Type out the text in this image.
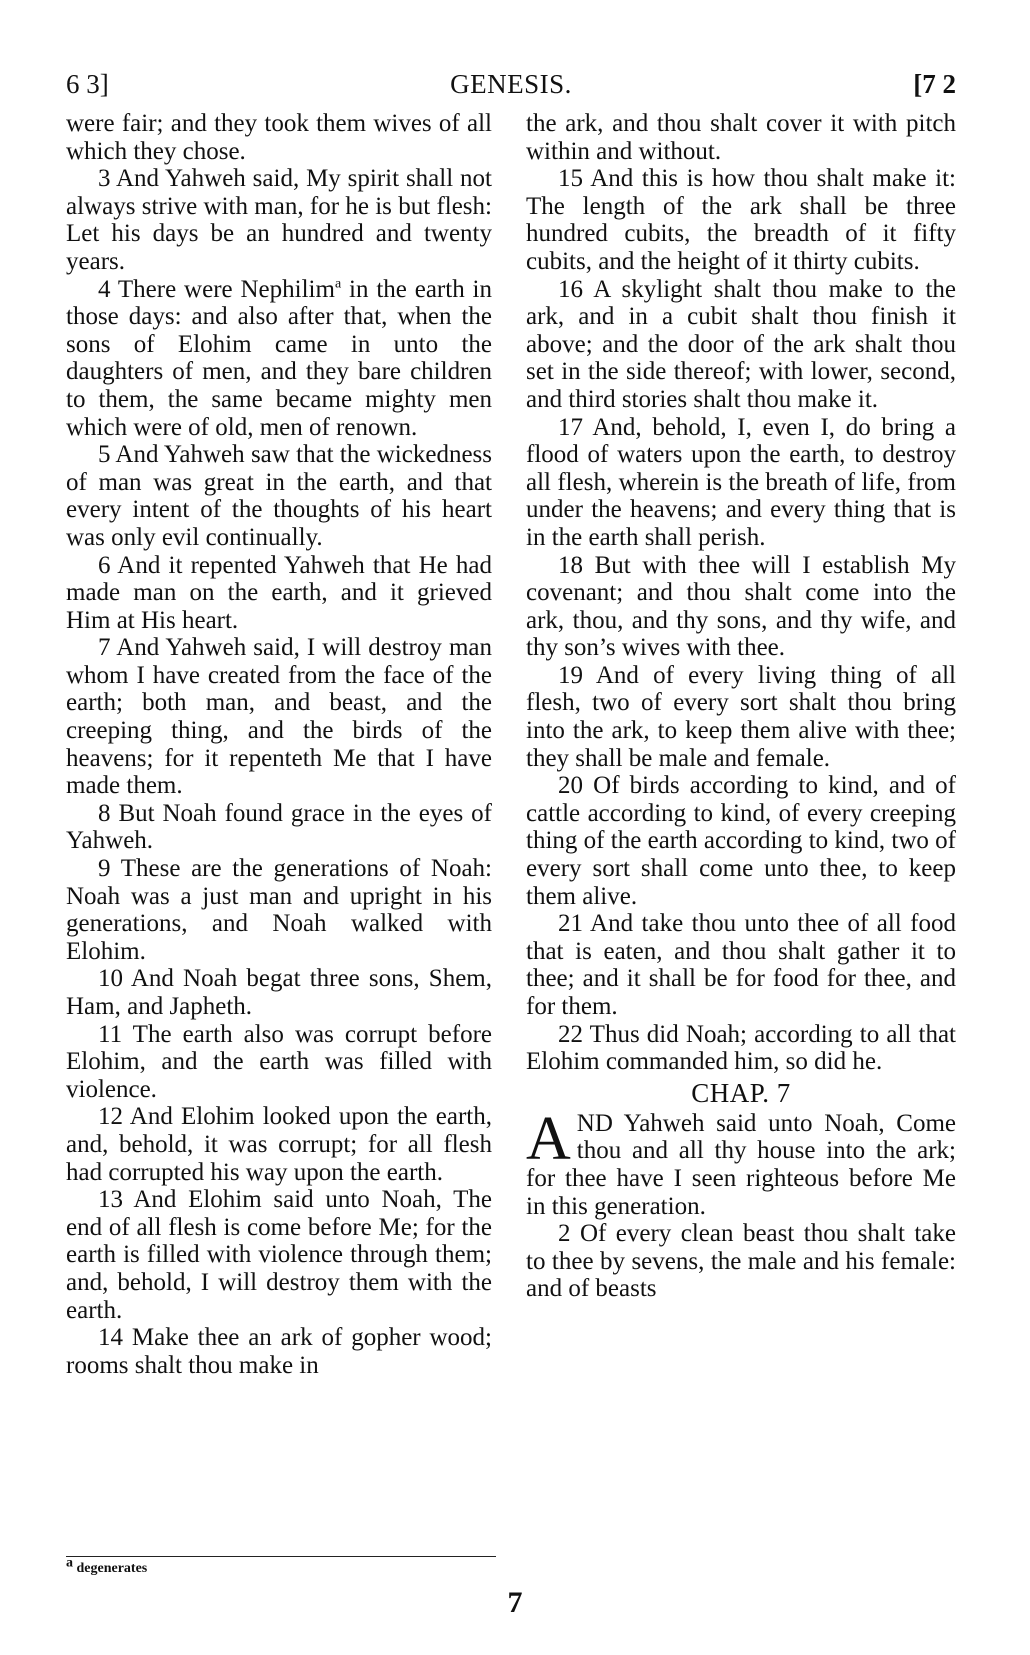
6 3]	GENESIS.	[7 2

were fair; and they took them wives of all which they chose.

3 And Yahweh said, My spirit shall not always strive with man, for he is but flesh: Let his days be an hundred and twenty years.

4 There were Nephilim$^a$ in the earth in those days: and also after that, when the sons of Elohim came in unto the daughters of men, and they bare children to them, the same became mighty men which were of old, men of renown.

5 And Yahweh saw that the wickedness of man was great in the earth, and that every intent of the thoughts of his heart was only evil continually.

6 And it repented Yahweh that He had made man on the earth, and it grieved Him at His heart.

7 And Yahweh said, I will destroy man whom I have created from the face of the earth; both man, and beast, and the creeping thing, and the birds of the heavens; for it repenteth Me that I have made them.

8 But Noah found grace in the eyes of Yahweh.

9 These are the generations of Noah: Noah was a just man and upright in his generations, and Noah walked with Elohim.

10 And Noah begat three sons, Shem, Ham, and Japheth.

11 The earth also was corrupt before Elohim, and the earth was filled with violence.

12 And Elohim looked upon the earth, and, behold, it was corrupt; for all flesh had corrupted his way upon the earth.

13 And Elohim said unto Noah, The end of all flesh is come before Me; for the earth is filled with violence through them; and, behold, I will destroy them with the earth.

14 Make thee an ark of gopher wood; rooms shalt thou make in

the ark, and thou shalt cover it with pitch within and without.

15 And this is how thou shalt make it: The length of the ark shall be three hundred cubits, the breadth of it fifty cubits, and the height of it thirty cubits.

16 A skylight shalt thou make to the ark, and in a cubit shalt thou finish it above; and the door of the ark shalt thou set in the side thereof; with lower, second, and third stories shalt thou make it.

17 And, behold, I, even I, do bring a flood of waters upon the earth, to destroy all flesh, wherein is the breath of life, from under the heavens; and every thing that is in the earth shall perish.

18 But with thee will I establish My covenant; and thou shalt come into the ark, thou, and thy sons, and thy wife, and thy son’s wives with thee.

19 And of every living thing of all flesh, two of every sort shalt thou bring into the ark, to keep them alive with thee; they shall be male and female.

20 Of birds according to kind, and of cattle according to kind, of every creeping thing of the earth according to kind, two of every sort shall come unto thee, to keep them alive.

21 And take thou unto thee of all food that is eaten, and thou shalt gather it to thee; and it shall be for food for thee, and for them.

22 Thus did Noah; according to all that Elohim commanded him, so did he.

CHAP. 7

AND Yahweh said unto Noah, Come thou and all thy house into the ark; for thee have I seen righteous before Me in this generation.

2 Of every clean beast thou shalt take to thee by sevens, the male and his female: and of beasts

a degenerates
7
